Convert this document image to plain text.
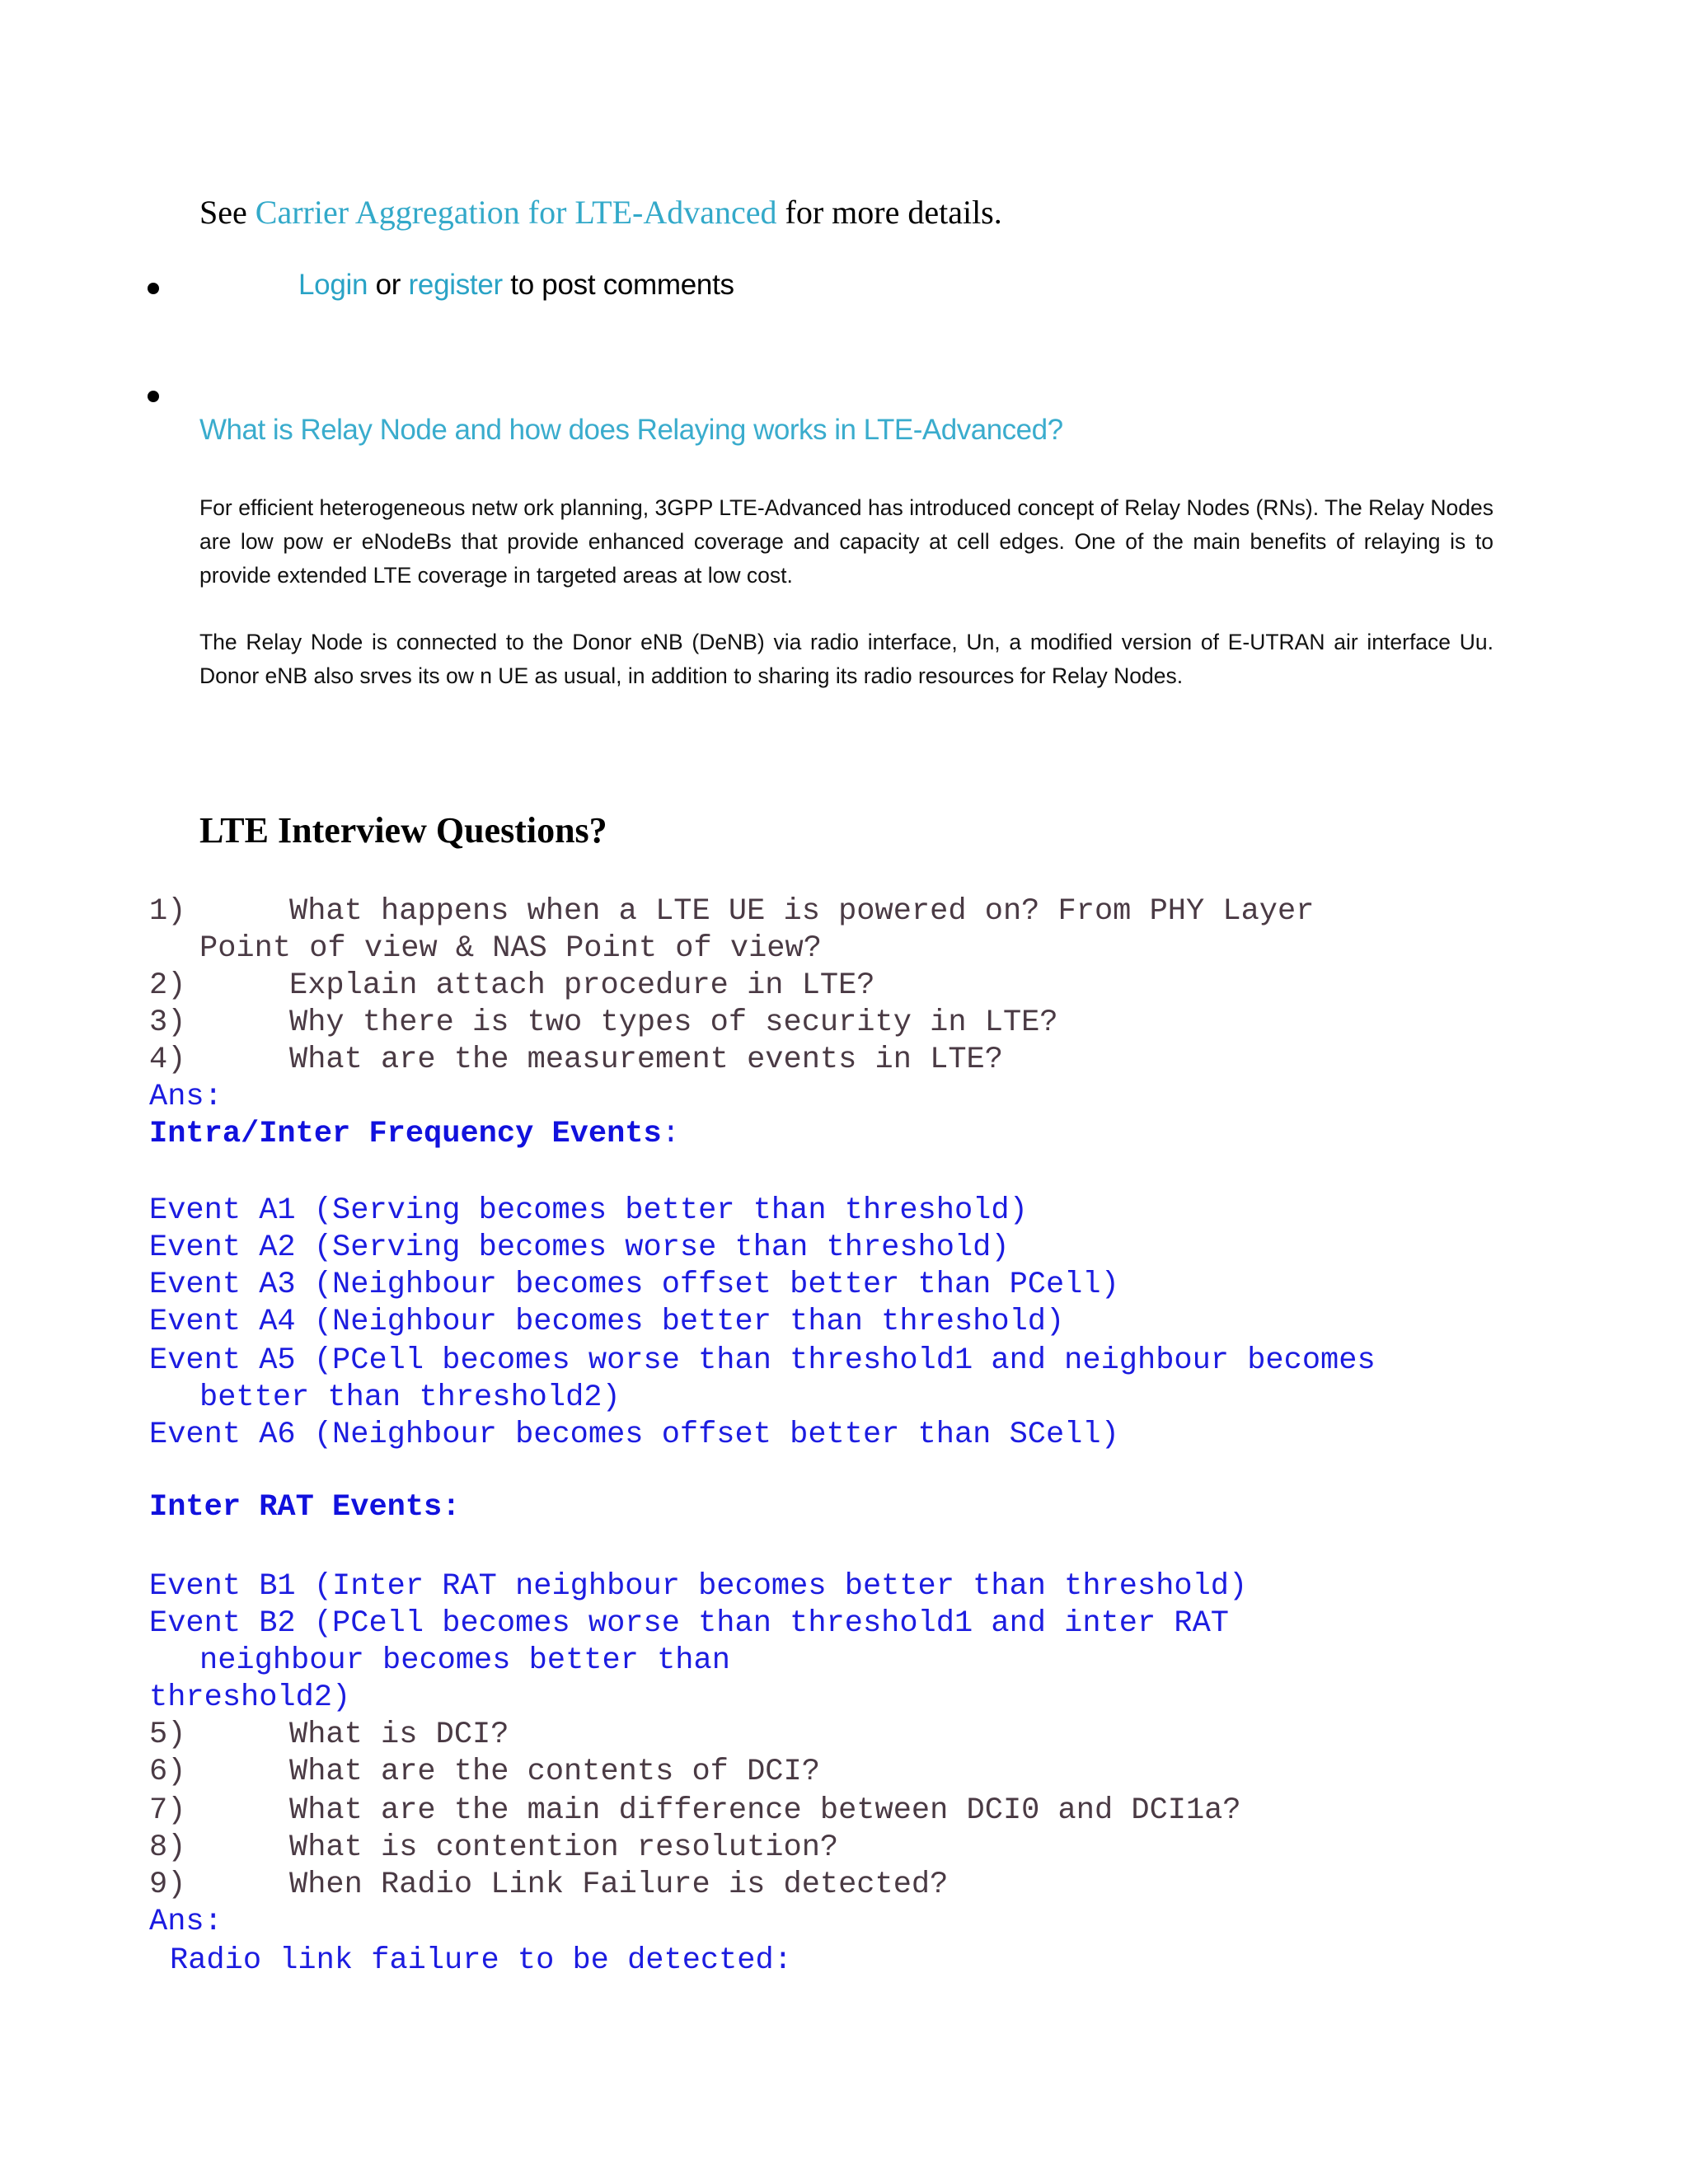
See Carrier Aggregation for LTE-Advanced for more details.
Login or register to post comments
What is Relay Node and how does Relaying works in LTE-Advanced?

For efficient heterogeneous netw ork planning, 3GPP LTE-Advanced has introduced concept of Relay Nodes (RNs). The Relay Nodes are low pow er eNodeBs that provide enhanced coverage and capacity at cell edges. One of the main benefits of relaying is to provide extended LTE coverage in targeted areas at low cost.

The Relay Node is connected to the Donor eNB (DeNB) via radio interface, Un, a modified version of E-UTRAN air interface Uu. Donor eNB also srves its ow n UE as usual, in addition to sharing its radio resources for Relay Nodes.

LTE Interview Questions?
1)	What happens when a LTE UE is powered on? From PHY Layer
Point of view & NAS Point of view?
2)	Explain attach procedure in LTE?
3)	Why there is two types of security in LTE?
4)	What are the measurement events in LTE?
Ans:
Intra/Inter Frequency Events:
Event A1 (Serving becomes better than threshold)
Event A2 (Serving becomes worse than threshold)
Event A3 (Neighbour becomes offset better than PCell)
Event A4 (Neighbour becomes better than threshold)
Event A5 (PCell becomes worse than threshold1 and neighbour becomes
better than threshold2)
Event A6 (Neighbour becomes offset better than SCell)
Inter RAT Events:
Event B1 (Inter RAT neighbour becomes better than threshold)
Event B2 (PCell becomes worse than threshold1 and inter RAT
neighbour becomes better than
threshold2)
5)	What is DCI?
6)	What are the contents of DCI?
7)	What are the main difference between DCI0 and DCI1a?
8)	What is contention resolution?
9)	When Radio Link Failure is detected?
Ans:
Radio link failure to be detected:
